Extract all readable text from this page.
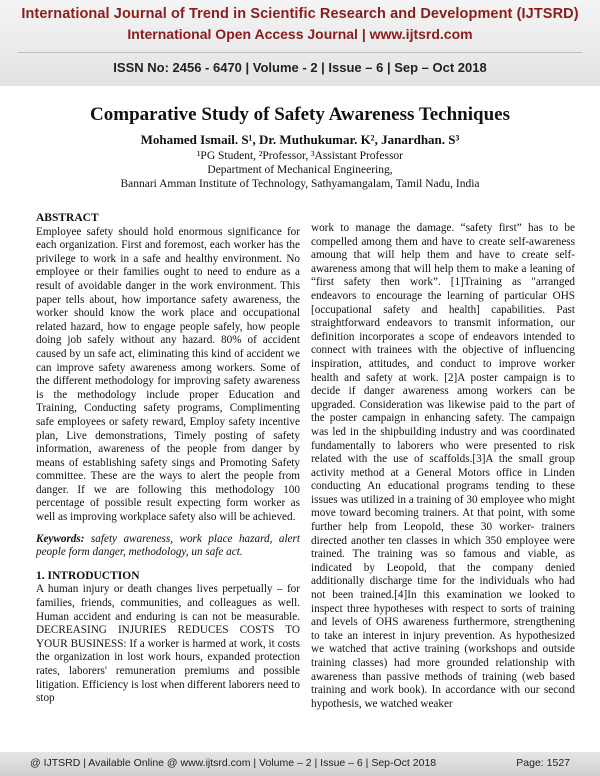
International Journal of Trend in Scientific Research and Development (IJTSRD)
International Open Access Journal | www.ijtsrd.com
ISSN No: 2456 - 6470 | Volume - 2 | Issue – 6 | Sep – Oct 2018
Comparative Study of Safety Awareness Techniques
Mohamed Ismail. S¹, Dr. Muthukumar. K², Janardhan. S³
¹PG Student, ²Professor, ³Assistant Professor
Department of Mechanical Engineering,
Bannari Amman Institute of Technology, Sathyamangalam, Tamil Nadu, India
ABSTRACT

Employee safety should hold enormous significance for each organization. First and foremost, each worker has the privilege to work in a safe and healthy environment. No employee or their families ought to need to endure as a result of avoidable danger in the work environment. This paper tells about, how importance safety awareness, the worker should know the work place and occupational related hazard, how to engage people safely, how people doing job safely without any hazard. 80% of accident caused by un safe act, eliminating this kind of accident we can improve safety awareness among workers. Some of the different methodology for improving safety awareness is the methodology include proper Education and Training, Conducting safety programs, Complimenting safe employees or safety reward, Employ safety incentive plan, Live demonstrations, Timely posting of safety information, awareness of the people from danger by means of establishing safety sings and Promoting Safety committee. These are the ways to alert the people from danger. If we are following this methodology 100 percentage of possible result expecting form worker as well as improving workplace safety also will be achieved.

Keywords: safety awareness, work place hazard, alert people form danger, methodology, un safe act.

1. INTRODUCTION

A human injury or death changes lives perpetually – for families, friends, communities, and colleagues as well. Human accident and enduring is can not be measurable. DECREASING INJURIES REDUCES COSTS TO YOUR BUSINESS: If a worker is harmed at work, it costs the organization in lost work hours, expanded protection rates, laborers' remuneration premiums and possible litigation. Efficiency is lost when different laborers need to stop

work to manage the damage. “safety first” has to be compelled among them and have to create self-awareness amoung that will help them and have to create self-awareness among that will help them to make a leaning of “first safety then work”. [1]Training as "arranged endeavors to encourage the learning of particular OHS [occupational safety and health] capabilities. Past straightforward endeavors to transmit information, our definition incorporates a scope of endeavors intended to connect with trainees with the objective of influencing inspiration, attitudes, and conduct to improve worker health and safety at work. [2]A poster campaign is to decide if danger awareness among workers can be upgraded. Consideration was likewise paid to the part of the poster campaign in enhancing safety. The campaign was led in the shipbuilding industry and was coordinated fundamentally to laborers who were presented to risk related with the use of scaffolds.[3]A the small group activity method at a General Motors office in Linden conducting An educational programs tending to these issues was utilized in a training of 30 employee who might move toward becoming trainers. At that point, with some further help from Leopold, these 30 worker- trainers directed another ten classes in which 350 employee were trained. The training was so famous and viable, as indicated by Leopold, that the company denied additionally discharge time for the individuals who had not been trained.[4]In this examination we looked to inspect three hypotheses with respect to sorts of training and levels of OHS awareness furthermore, strengthening to take an interest in injury prevention. As hypothesized we watched that active training (workshops and outside training classes) had more grounded relationship with awareness than passive methods of training (web based training and work book). In accordance with our second hypothesis, we watched weaker

@ IJTSRD | Available Online @ www.ijtsrd.com | Volume – 2 | Issue – 6 | Sep-Oct 2018	Page: 1527
